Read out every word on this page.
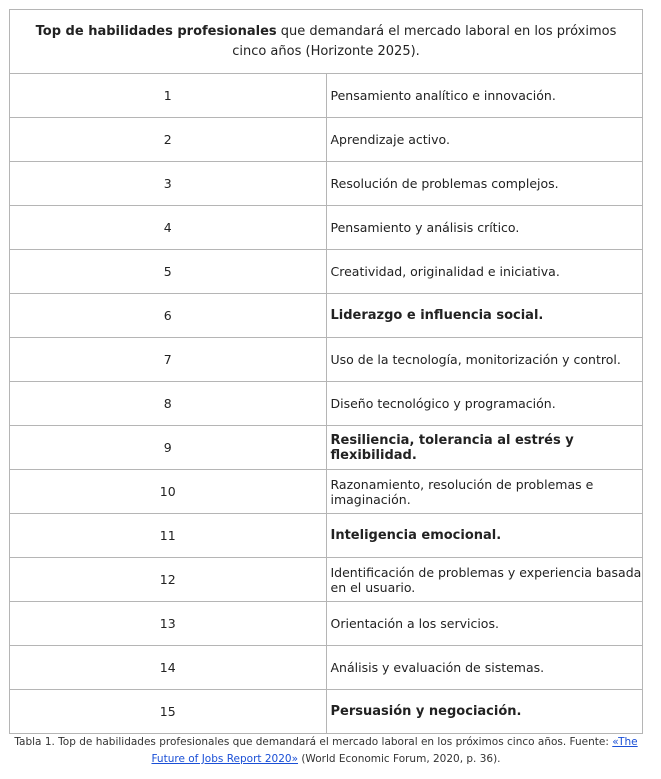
Top de habilidades profesionales que demandará el mercado laboral en los próximos cinco años (Horizonte 2025).	
1	Pensamiento analítico e innovación.
2	Aprendizaje activo.
3	Resolución de problemas complejos.
4	Pensamiento y análisis crítico.
5	Creatividad, originalidad e iniciativa.
6	Liderazgo e influencia social.
7	Uso de la tecnología, monitorización y control.
8	Diseño tecnológico y programación.
9	Resiliencia, tolerancia al estrés y flexibilidad.
10	Razonamiento, resolución de problemas e imaginación.
11	Inteligencia emocional.
12	Identificación de problemas y experiencia basada en el usuario.
13	Orientación a los servicios.
14	Análisis y evaluación de sistemas.
15	Persuasión y negociación.
Tabla 1. Top de habilidades profesionales que demandará el mercado laboral en los próximos cinco años. Fuente: «The Future of Jobs Report 2020» (World Economic Forum, 2020, p. 36).
